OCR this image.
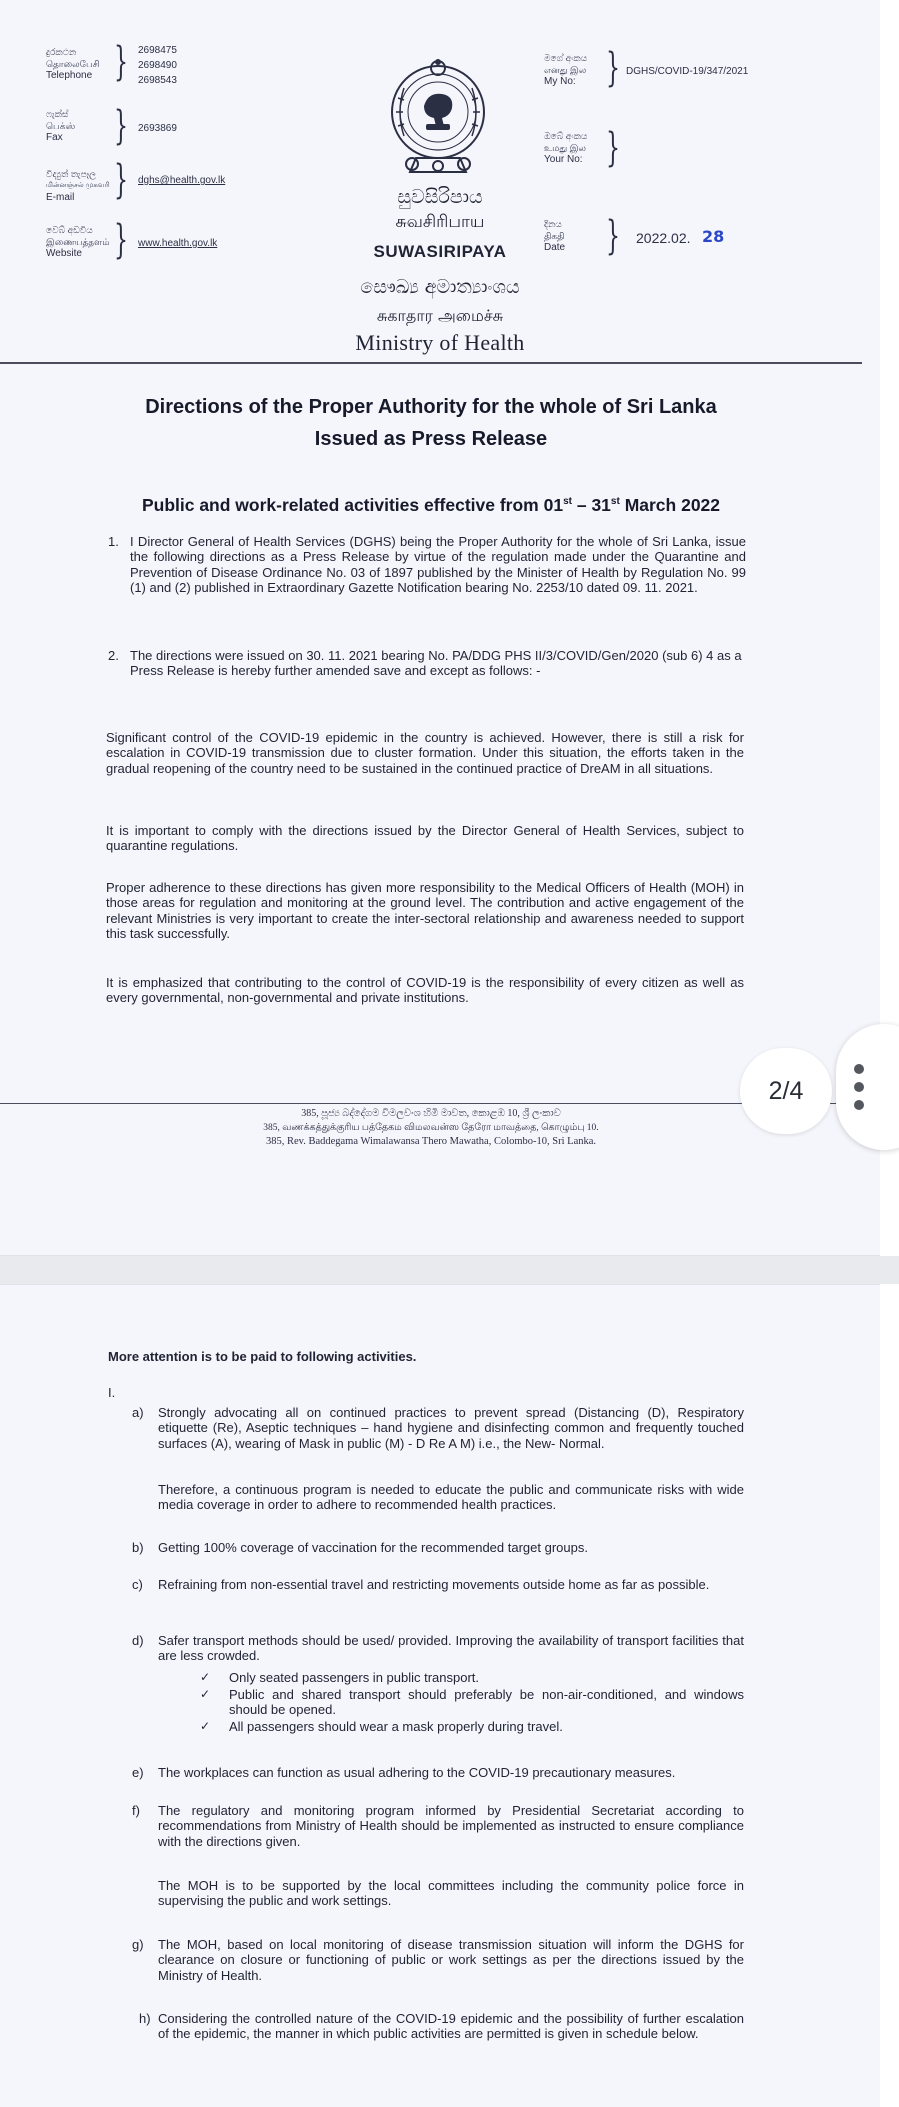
දුරකථන
தொலைபேசி
Telephone } 2698475
2698490
2698543
ෆැක්ස්
பெக்ஸ்
Fax	} 2693869
විද්‍යුත් තැපෑල
மின்னஞ்சல் முகவரி
E-mail } dghs@health.gov.lk
වෙබ් අඩවිය
இணையத்தளம்
Website } www.health.gov.lk
සුවසිරිපාය
சுவசிரிபாய
SUWASIRIPAYA
සෞඛ්‍ය අමාත්‍යාංශය
சுகாதார அமைச்சு
Ministry of Health
මගේ අංකය
எனது இல
My No: } DGHS/COVID-19/347/2021
ඔබේ අංකය
உமது இல
Your No: }
දිනය
திகதி
Date } 2022.02. 28
Directions of the Proper Authority for the whole of Sri Lanka
Issued as Press Release
Public and work-related activities effective from 01st – 31st March 2022
1. I Director General of Health Services (DGHS) being the Proper Authority for the whole of Sri Lanka, issue the following directions as a Press Release by virtue of the regulation made under the Quarantine and Prevention of Disease Ordinance No. 03 of 1897 published by the Minister of Health by Regulation No. 99 (1) and (2) published in Extraordinary Gazette Notification bearing No. 2253/10 dated 09. 11. 2021.
2. The directions were issued on 30. 11. 2021 bearing No. PA/DDG PHS II/3/COVID/Gen/2020 (sub 6) 4 as a Press Release is hereby further amended save and except as follows: -
Significant control of the COVID-19 epidemic in the country is achieved. However, there is still a risk for escalation in COVID-19 transmission due to cluster formation. Under this situation, the efforts taken in the gradual reopening of the country need to be sustained in the continued practice of DreAM in all situations.
It is important to comply with the directions issued by the Director General of Health Services, subject to quarantine regulations.
Proper adherence to these directions has given more responsibility to the Medical Officers of Health (MOH) in those areas for regulation and monitoring at the ground level. The contribution and active engagement of the relevant Ministries is very important to create the inter-sectoral relationship and awareness needed to support this task successfully.
It is emphasized that contributing to the control of COVID-19 is the responsibility of every citizen as well as every governmental, non-governmental and private institutions.
385, පූජ්‍ය බද්දේගම විමලවංශ හිමි මාවත, කොළඹ 10, ශ්‍රී ලංකාව
385, வணக்கத்துக்குரிய பத்தேகம விமலவன்ஸ தேரோ மாவத்தை, கொழும்பு 10.
385, Rev. Baddegama Wimalawansa Thero Mawatha, Colombo-10, Sri Lanka.
2/4
More attention is to be paid to following activities.
I.
a) Strongly advocating all on continued practices to prevent spread (Distancing (D), Respiratory etiquette (Re), Aseptic techniques – hand hygiene and disinfecting common and frequently touched surfaces (A), wearing of Mask in public (M) - D Re A M) i.e., the New- Normal.
Therefore, a continuous program is needed to educate the public and communicate risks with wide media coverage in order to adhere to recommended health practices.
b) Getting 100% coverage of vaccination for the recommended target groups.
c) Refraining from non-essential travel and restricting movements outside home as far as possible.
d) Safer transport methods should be used/ provided. Improving the availability of transport facilities that are less crowded.
✓ Only seated passengers in public transport.
✓ Public and shared transport should preferably be non-air-conditioned, and windows should be opened.
✓ All passengers should wear a mask properly during travel.
e) The workplaces can function as usual adhering to the COVID-19 precautionary measures.
f) The regulatory and monitoring program informed by Presidential Secretariat according to recommendations from Ministry of Health should be implemented as instructed to ensure compliance with the directions given.
The MOH is to be supported by the local committees including the community police force in supervising the public and work settings.
g) The MOH, based on local monitoring of disease transmission situation will inform the DGHS for clearance on closure or functioning of public or work settings as per the directions issued by the Ministry of Health.
h) Considering the controlled nature of the COVID-19 epidemic and the possibility of further escalation of the epidemic, the manner in which public activities are permitted is given in schedule below.
